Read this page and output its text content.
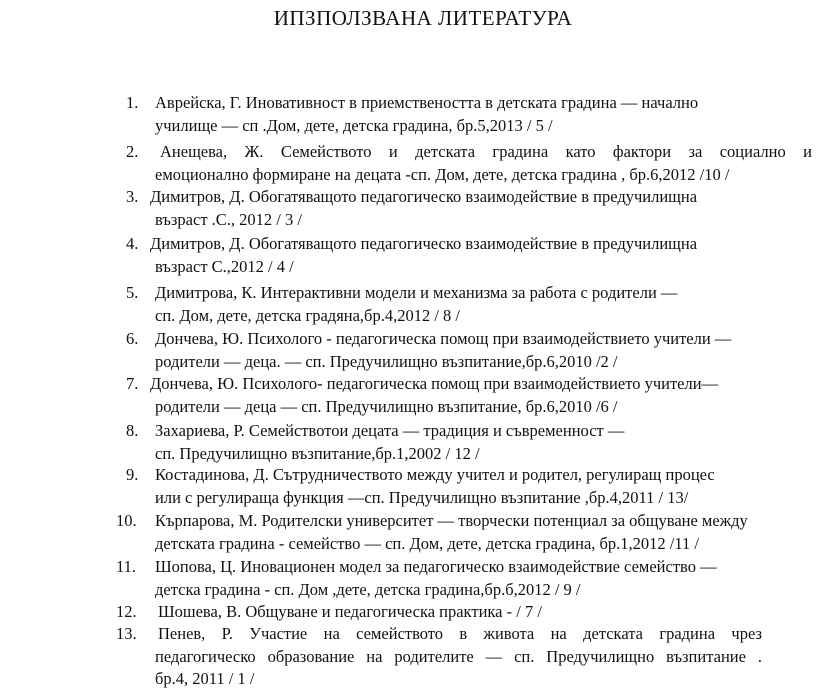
ИПЗПОЛЗВАНА ЛИТЕРАТУРА
1. Аврейска, Г. Иновативност в приемствеността в детската градина — начално
училище — сп .Дом, дете, детска градина, бр.5,2013 / 5 /
2. Анещева, Ж. Семейството и детската градина като фактори за социално и
емоционално формиране на децата -сп. Дом, дете, детска градина , бр.6,2012 /10 /
3. Димитров, Д. Обогатяващото педагогическо взаимодействие в предучилищна
възраст .С., 2012 / 3 /
4. Димитров, Д. Обогатяващото педагогическо взаимодействие в предучилищна
възраст С.,2012 / 4 /
5. Димитрова, К. Интерактивни модели и механизма за работа с родители —
сп. Дом, дете, детска градяна,бр.4,2012 / 8 /
6. Дончева, Ю. Психолого - педагогическа помощ при взаимодействието учители —
родители — деца. — сп. Предучилищно възпитание,бр.6,2010 /2 /
7. Дончева, Ю. Психолого- педагогическа помощ при взаимодействието учители—
родители — деца — сп. Предучилищно възпитание, бр.6,2010 /6 /
8. Захариева, Р. Семействотои децата — традиция и съвременност —
сп. Предучилищно възпитание,бр.1,2002 / 12 /
9. Костадинова, Д. Сътрудничеството между учител и родител, регулиращ процес
или с регулираща функция —сп. Предучилищно възпитание ,бр.4,2011 / 13/
10. Кърпарова, М. Родителски университет — творчески потенциал за общуване между
детската градина - семейство — сп. Дом, дете, детска градина, бр.1,2012 /11 /
11. Шопова, Ц. Иновационен модел за педагогическо взаимодействие семейство —
детска градина - сп. Дом ,дете, детска градина,бр.б,2012 / 9 /
12. Шошева, В. Общуване и педагогическа практика - / 7 /
13. Пенев, Р. Участие на семейството в живота на детската градина чрез
педагогическо образование на родителите — сп. Предучилищно възпитание .
бр.4, 2011 / 1 /
